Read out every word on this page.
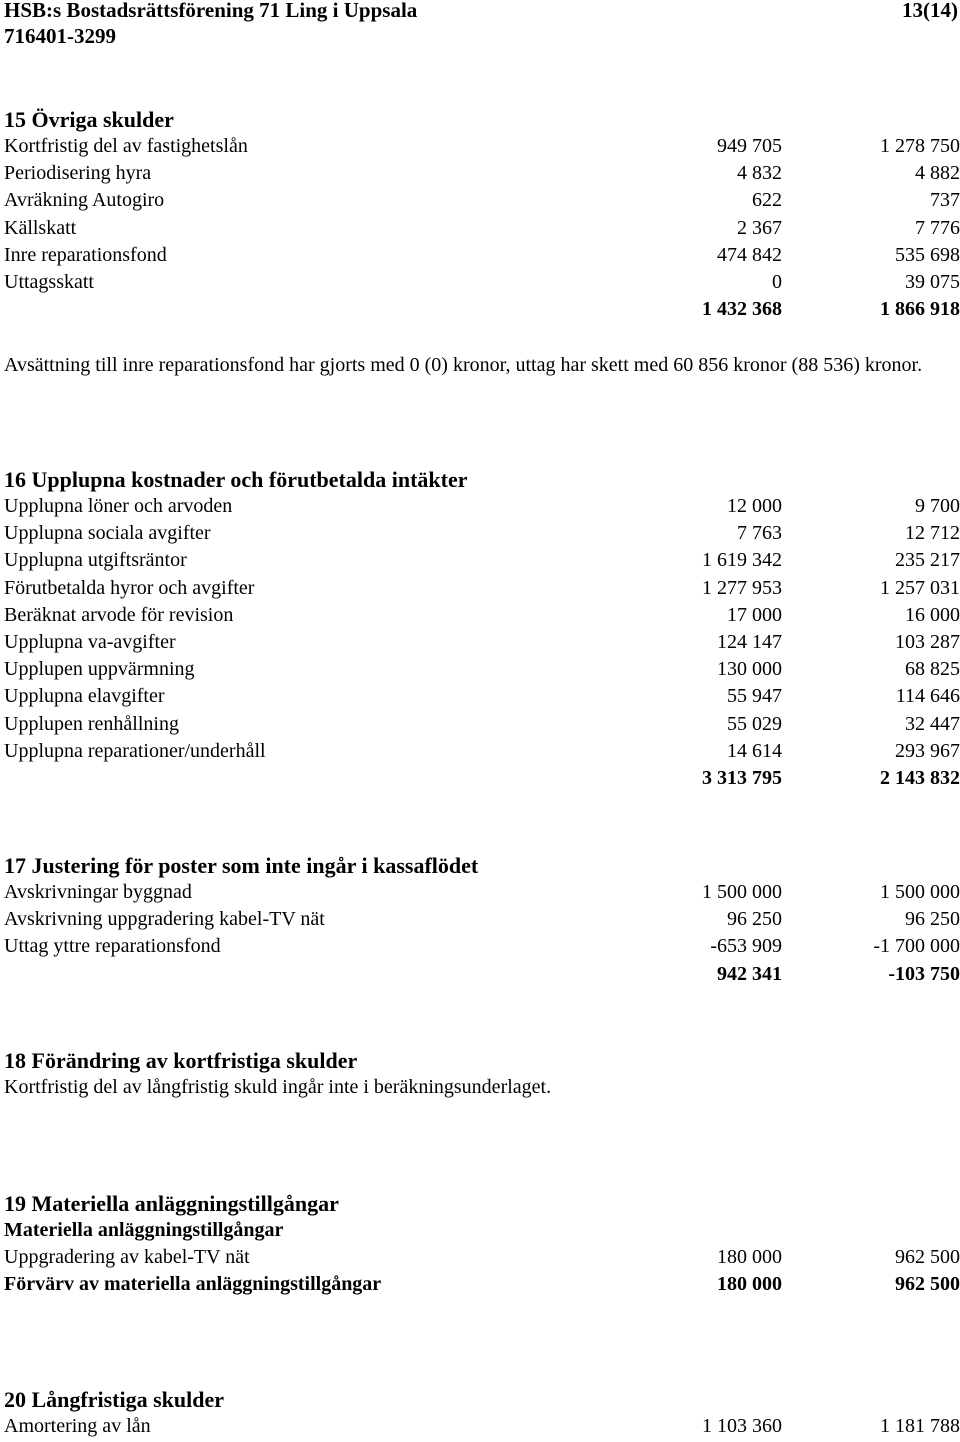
HSB:s Bostadsrättsförening 71 Ling i Uppsala	13(14)
716401-3299
15 Övriga skulder
Kortfristig del av fastighetslån	949 705	1 278 750
Periodisering hyra	4 832	4 882
Avräkning Autogiro	622	737
Källskatt	2 367	7 776
Inre reparationsfond	474 842	535 698
Uttagsskatt	0	39 075
1 432 368	1 866 918
Avsättning till inre reparationsfond har gjorts med 0 (0) kronor, uttag har skett med 60 856 kronor (88 536) kronor.
16 Upplupna kostnader och förutbetalda intäkter
Upplupna löner och arvoden	12 000	9 700
Upplupna sociala avgifter	7 763	12 712
Upplupna utgiftsräntor	1 619 342	235 217
Förutbetalda hyror och avgifter	1 277 953	1 257 031
Beräknat arvode för revision	17 000	16 000
Upplupna va-avgifter	124 147	103 287
Upplupen uppvärmning	130 000	68 825
Upplupna elavgifter	55 947	114 646
Upplupen renhållning	55 029	32 447
Upplupna reparationer/underhåll	14 614	293 967
3 313 795	2 143 832
17 Justering för poster som inte ingår i kassaflödet
Avskrivningar byggnad	1 500 000	1 500 000
Avskrivning uppgradering kabel-TV nät	96 250	96 250
Uttag yttre reparationsfond	-653 909	-1 700 000
942 341	-103 750
18 Förändring av kortfristiga skulder
Kortfristig del av långfristig skuld ingår inte i beräkningsunderlaget.
19 Materiella anläggningstillgångar
Materiella anläggningstillgångar
Uppgradering av kabel-TV nät	180 000	962 500
Förvärv av materiella anläggningstillgångar	180 000	962 500
20 Långfristiga skulder
Amortering av lån	1 103 360	1 181 788
